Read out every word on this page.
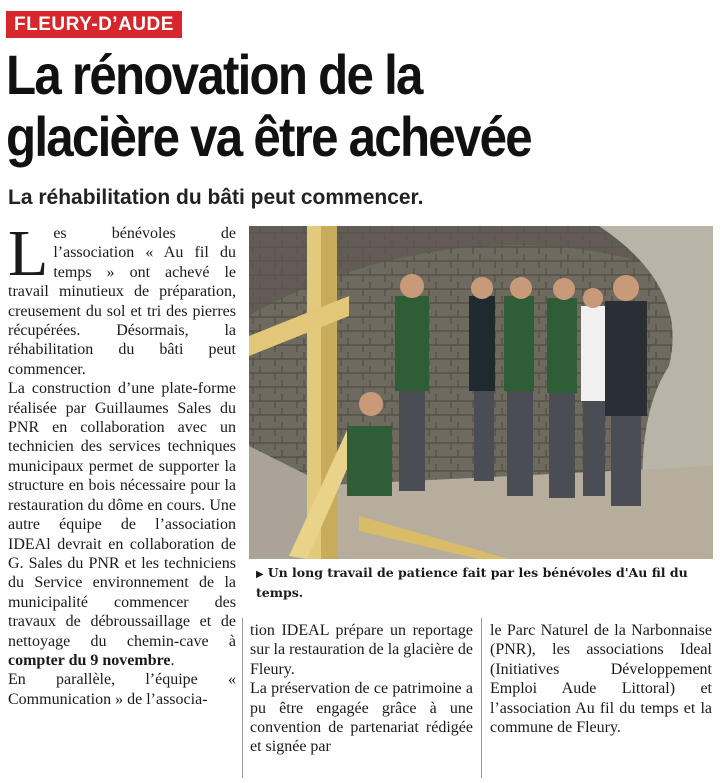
FLEURY-D’AUDE
La rénovation de la
glacière va être achevée
La réhabilitation du bâti peut commencer.
L es bénévoles de l’association « Au fil du temps » ont achevé le travail minutieux de préparation, creusement du sol et tri des pierres récupérées. Désormais, la réhabilitation du bâti peut commencer.

La construction d’une plate-forme réalisée par Guillaumes Sales du PNR en collaboration avec un technicien des services techniques municipaux permet de supporter la structure en bois nécessaire pour la restauration du dôme en cours. Une autre équipe de l’association IDEAl devrait en collaboration de G. Sales du PNR et les techniciens du Service environnement de la municipalité commencer des travaux de débroussaillage et de nettoyage du chemin-cave à compter du 9 novembre.

En parallèle, l’équipe « Communication » de l’associa-

▶ Un long travail de patience fait par les bénévoles d'Au fil du temps.

tion IDEAL prépare un reportage sur la restauration de la glacière de Fleury.

La préservation de ce patrimoine a pu être engagée grâce à une convention de partenariat rédigée et signée par

le Parc Naturel de la Narbonnaise (PNR), les associations Ideal (Initiatives Développement Emploi Aude Littoral) et l’association Au fil du temps et la commune de Fleury.
